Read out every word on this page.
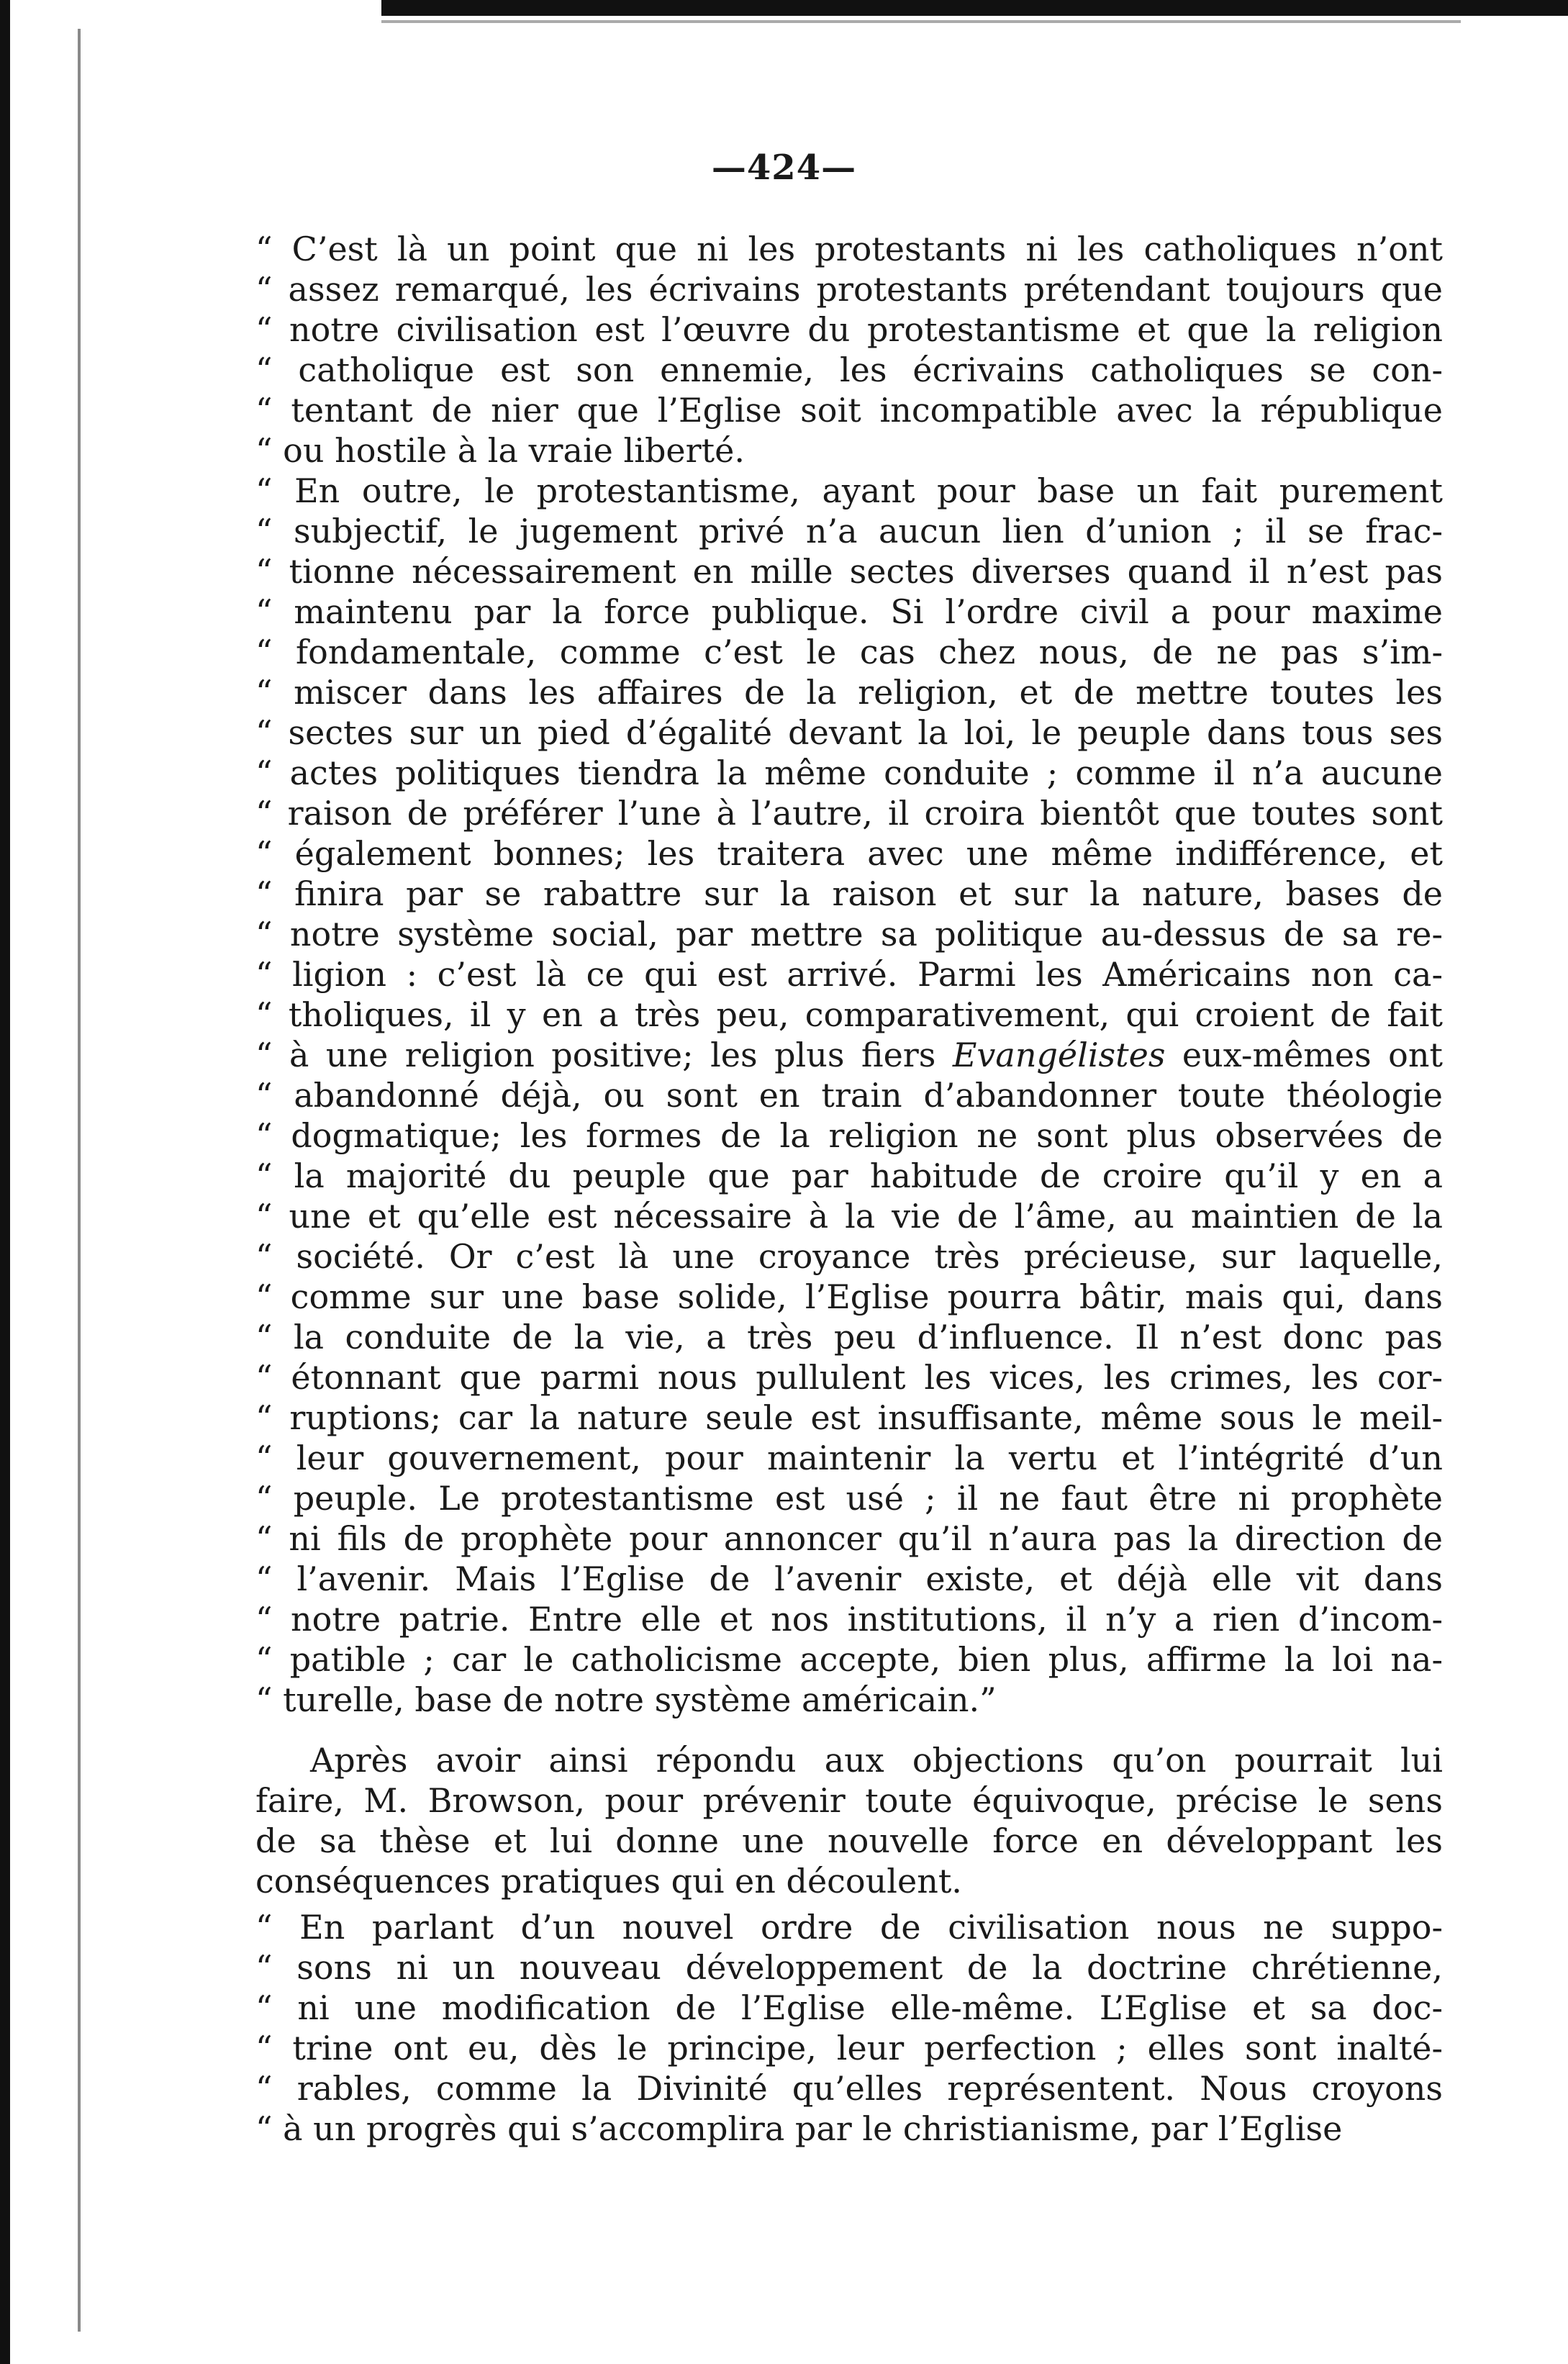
—424—
“ C’est là un point que ni les protestants ni les catholiques n’ont
“ assez remarqué, les écrivains protestants prétendant toujours que
“ notre civilisation est l’œuvre du protestantisme et que la religion
“ catholique est son ennemie, les écrivains catholiques se con-
“ tentant de nier que l’Eglise soit incompatible avec la république
“ ou hostile à la vraie liberté.
“ En outre, le protestantisme, ayant pour base un fait purement
“ subjectif, le jugement privé n’a aucun lien d’union ; il se frac-
“ tionne nécessairement en mille sectes diverses quand il n’est pas
“ maintenu par la force publique. Si l’ordre civil a pour maxime
“ fondamentale, comme c’est le cas chez nous, de ne pas s’im-
“ miscer dans les affaires de la religion, et de mettre toutes les
“ sectes sur un pied d’égalité devant la loi, le peuple dans tous ses
“ actes politiques tiendra la même conduite ; comme il n’a aucune
“ raison de préférer l’une à l’autre, il croira bientôt que toutes sont
“ également bonnes; les traitera avec une même indifférence, et
“ finira par se rabattre sur la raison et sur la nature, bases de
“ notre système social, par mettre sa politique au-dessus de sa re-
“ ligion : c’est là ce qui est arrivé. Parmi les Américains non ca-
“ tholiques, il y en a très peu, comparativement, qui croient de fait
“ à une religion positive; les plus fiers Evangélistes eux-mêmes ont
“ abandonné déjà, ou sont en train d’abandonner toute théologie
“ dogmatique; les formes de la religion ne sont plus observées de
“ la majorité du peuple que par habitude de croire qu’il y en a
“ une et qu’elle est nécessaire à la vie de l’âme, au maintien de la
“ société. Or c’est là une croyance très précieuse, sur laquelle,
“ comme sur une base solide, l’Eglise pourra bâtir, mais qui, dans
“ la conduite de la vie, a très peu d’influence. Il n’est donc pas
“ étonnant que parmi nous pullulent les vices, les crimes, les cor-
“ ruptions; car la nature seule est insuffisante, même sous le meil-
“ leur gouvernement, pour maintenir la vertu et l’intégrité d’un
“ peuple. Le protestantisme est usé ; il ne faut être ni prophète
“ ni fils de prophète pour annoncer qu’il n’aura pas la direction de
“ l’avenir. Mais l’Eglise de l’avenir existe, et déjà elle vit dans
“ notre patrie. Entre elle et nos institutions, il n’y a rien d’incom-
“ patible ; car le catholicisme accepte, bien plus, affirme la loi na-
“ turelle, base de notre système américain.”
Après avoir ainsi répondu aux objections qu’on pourrait lui
faire, M. Browson, pour prévenir toute équivoque, précise le sens
de sa thèse et lui donne une nouvelle force en développant les
conséquences pratiques qui en découlent.
“ En parlant d’un nouvel ordre de civilisation nous ne suppo-
“ sons ni un nouveau développement de la doctrine chrétienne,
“ ni une modification de l’Eglise elle-même. L’Eglise et sa doc-
“ trine ont eu, dès le principe, leur perfection ; elles sont inalté-
“ rables, comme la Divinité qu’elles représentent. Nous croyons
“ à un progrès qui s’accomplira par le christianisme, par l’Eglise
